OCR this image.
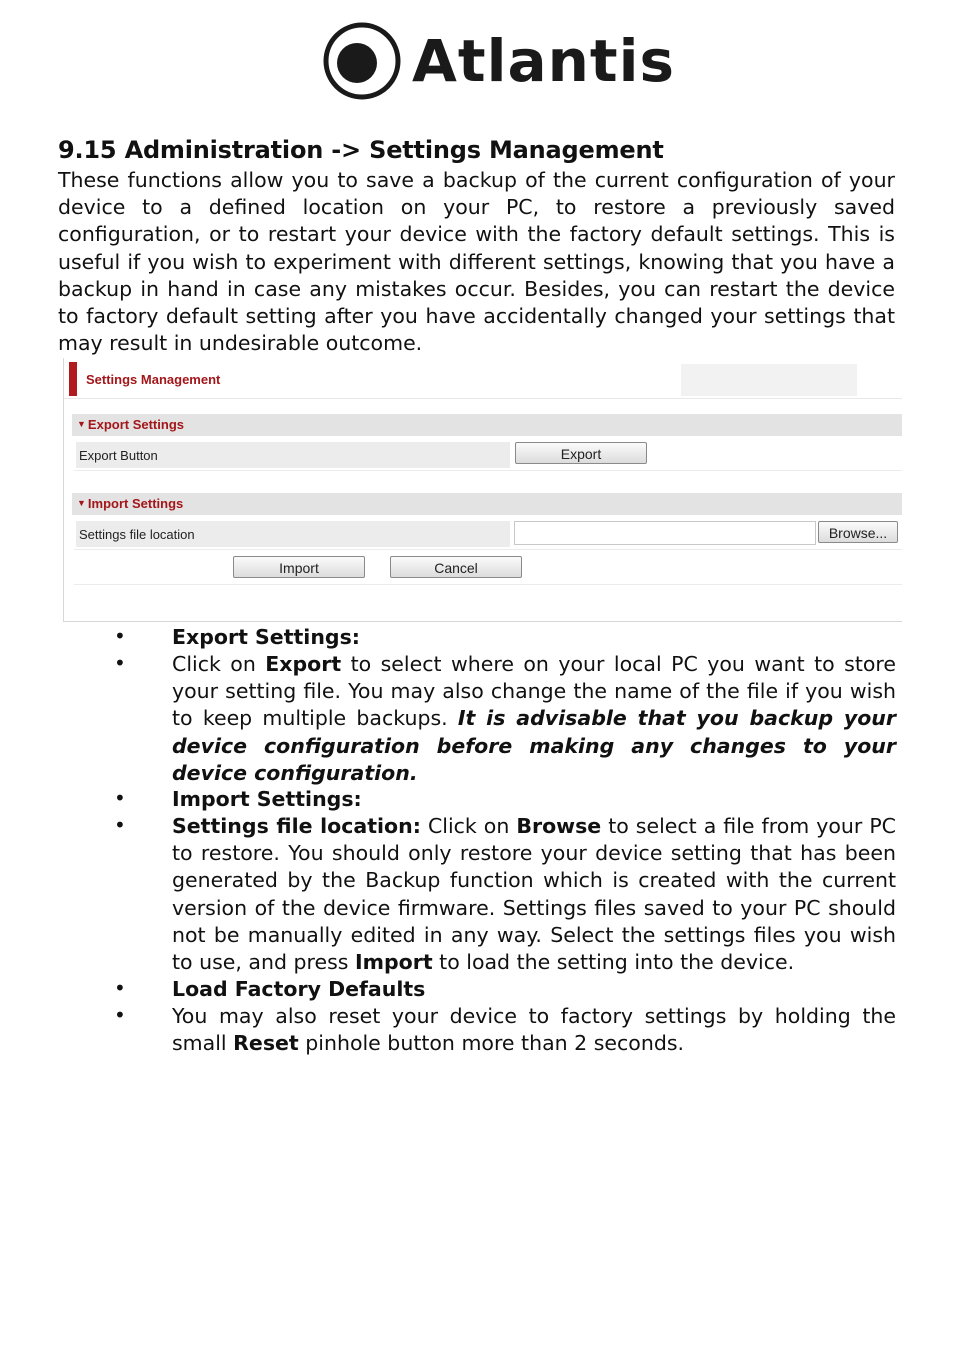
Atlantis
9.15 Administration -> Settings Management
These functions allow you to save a backup of the current configuration of your device to a defined location on your PC, to restore a previously saved configuration, or to restart your device with the factory default settings. This is useful if you wish to experiment with different settings, knowing that you have a backup in hand in case any mistakes occur. Besides, you can restart the device to factory default setting after you have accidentally changed your settings that may result in undesirable outcome.
Settings Management
▼ Export Settings
Export Button	Export
▼ Import Settings
Settings file location	Browse...
Import	Cancel
• Export Settings:
• Click on Export to select where on your local PC you want to store your setting file. You may also change the name of the file if you wish to keep multiple backups. It is advisable that you backup your device configuration before making any changes to your device configuration.
• Import Settings:
• Settings file location: Click on Browse to select a file from your PC to restore. You should only restore your device setting that has been generated by the Backup function which is created with the current version of the device firmware. Settings files saved to your PC should not be manually edited in any way. Select the settings files you wish to use, and press Import to load the setting into the device.
• Load Factory Defaults
• You may also reset your device to factory settings by holding the small Reset pinhole button more than 2 seconds.
